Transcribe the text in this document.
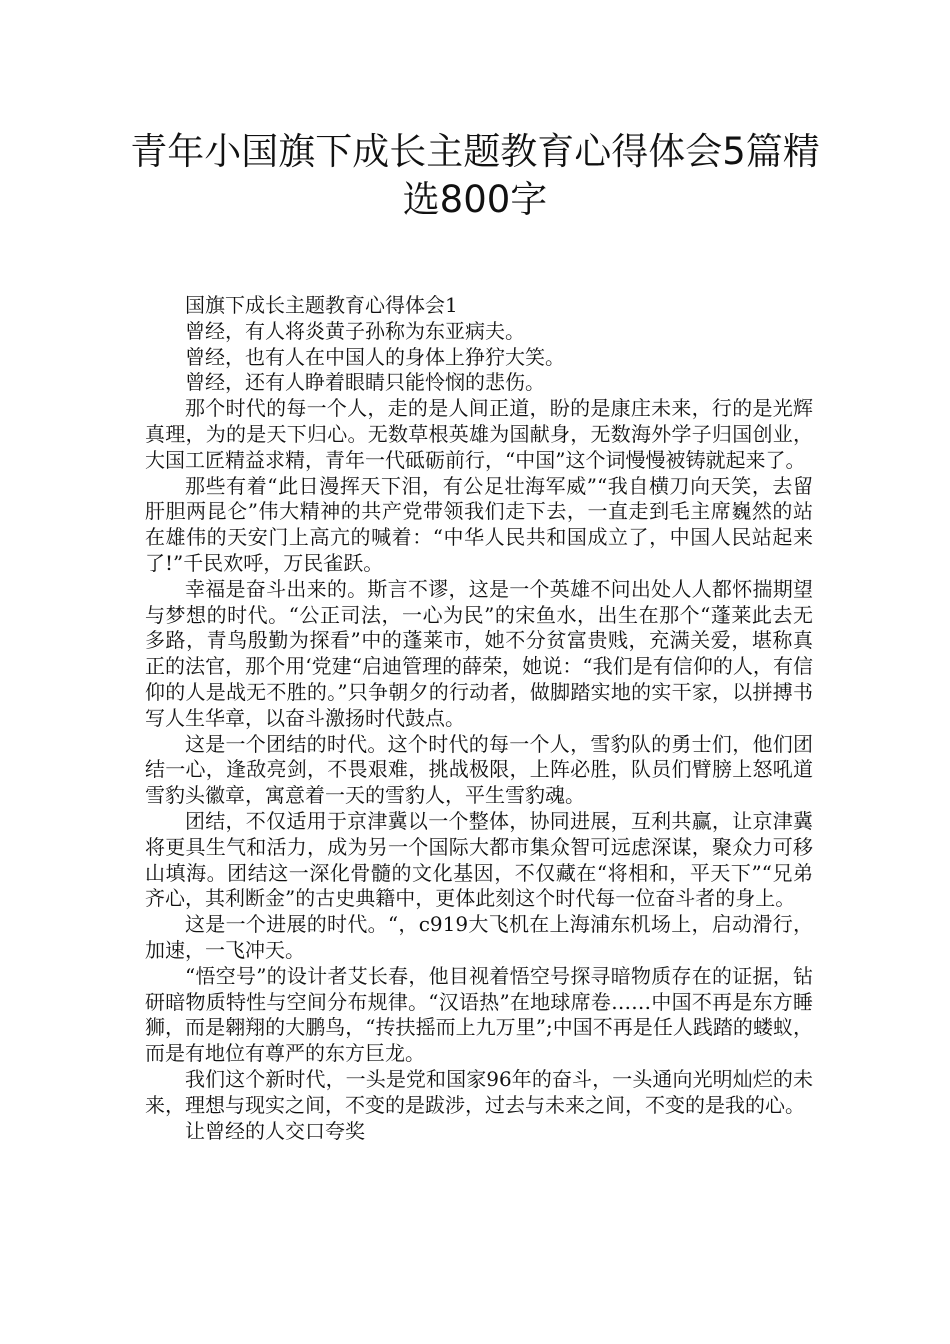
青年小国旗下成长主题教育心得体会5篇精选800字

国旗下成长主题教育心得体会1

曾经，有人将炎黄子孙称为东亚病夫。

曾经，也有人在中国人的身体上狰狞大笑。

曾经，还有人睁着眼睛只能怜悯的悲伤。

那个时代的每一个人，走的是人间正道，盼的是康庄未来，行的是光辉真理，为的是天下归心。无数草根英雄为国献身，无数海外学子归国创业，大国工匠精益求精，青年一代砥砺前行，“中国”这个词慢慢被铸就起来了。

那些有着“此日漫挥天下泪，有公足壮海军威”“我自横刀向天笑，去留肝胆两昆仑”伟大精神的共产党带领我们走下去，一直走到毛主席巍然的站在雄伟的天安门上高亢的喊着：“中华人民共和国成立了，中国人民站起来了!”千民欢呼，万民雀跃。

幸福是奋斗出来的。斯言不谬，这是一个英雄不问出处人人都怀揣期望与梦想的时代。“公正司法，一心为民”的宋鱼水，出生在那个“蓬莱此去无多路，青鸟殷勤为探看”中的蓬莱市，她不分贫富贵贱，充满关爱，堪称真正的法官，那个用‘党建“启迪管理的薛荣，她说：“我们是有信仰的人，有信仰的人是战无不胜的。”只争朝夕的行动者，做脚踏实地的实干家，以拼搏书写人生华章，以奋斗激扬时代鼓点。

这是一个团结的时代。这个时代的每一个人，雪豹队的勇士们，他们团结一心，逢敌亮剑，不畏艰难，挑战极限，上阵必胜，队员们臂膀上怒吼道雪豹头徽章，寓意着一天的雪豹人，平生雪豹魂。

团结，不仅适用于京津冀以一个整体，协同进展，互利共赢，让京津冀将更具生气和活力，成为另一个国际大都市集众智可远虑深谋，聚众力可移山填海。团结这一深化骨髓的文化基因，不仅藏在“将相和，平天下”“兄弟齐心，其利断金”的古史典籍中，更体此刻这个时代每一位奋斗者的身上。

这是一个进展的时代。“，c919大飞机在上海浦东机场上，启动滑行，加速，一飞冲天。

“悟空号”的设计者艾长春，他目视着悟空号探寻暗物质存在的证据，钻研暗物质特性与空间分布规律。“汉语热”在地球席卷……中国不再是东方睡狮，而是翱翔的大鹏鸟，“抟扶摇而上九万里”;中国不再是任人践踏的蝼蚁，而是有地位有尊严的东方巨龙。

我们这个新时代，一头是党和国家96年的奋斗，一头通向光明灿烂的未来，理想与现实之间，不变的是跋涉，过去与未来之间，不变的是我的心。

让曾经的人交口夸奖
